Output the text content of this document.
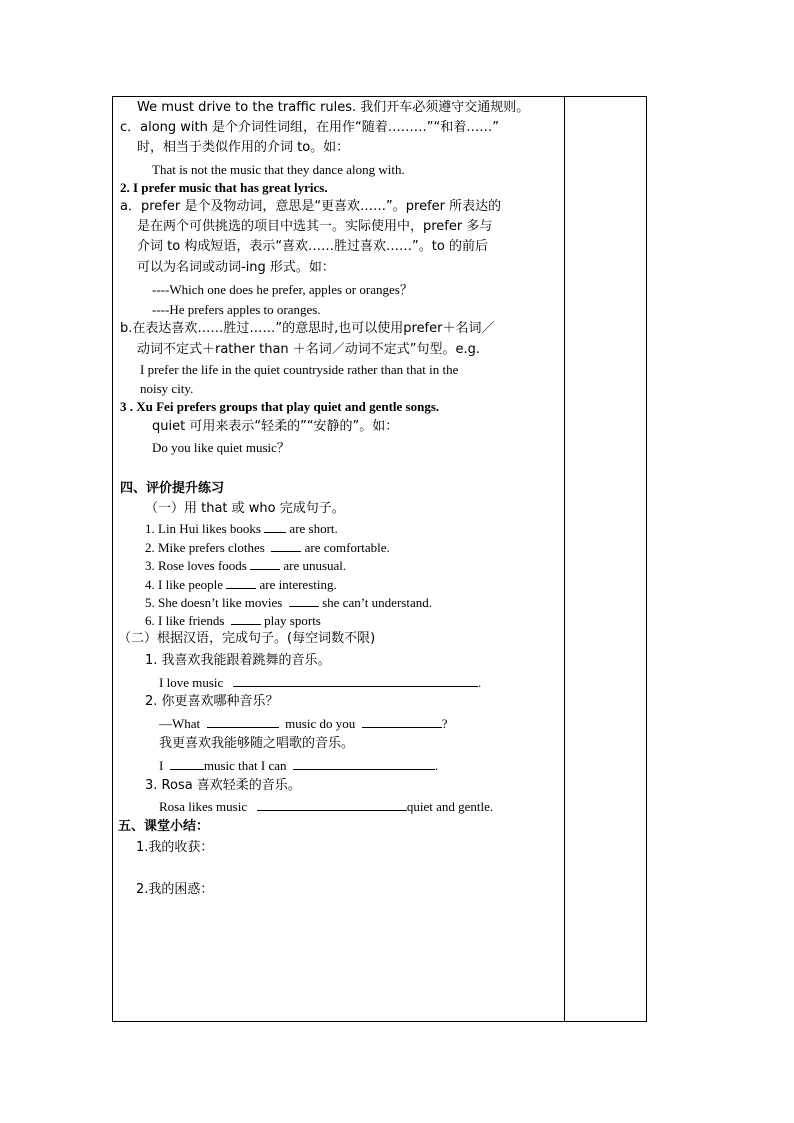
We must drive to the traffic rules. 我们开车必须遵守交通规则。
c．along with 是个介词性词组，在用作“随着………”“和着……”
时，相当于类似作用的介词 to。如：
That is not the music that they dance along with.
2. I prefer music that has great lyrics.
a．prefer 是个及物动词，意思是“更喜欢……”。prefer 所表达的
是在两个可供挑选的项目中选其一。实际使用中，prefer 多与
介词 to 构成短语，表示“喜欢……胜过喜欢……”。to 的前后
可以为名词或动词-ing 形式。如：
----Which one does he prefer, apples or oranges？
----He prefers apples to oranges.
b.在表达喜欢……胜过……”的意思时,也可以使用prefer＋名词／
动词不定式＋rather than ＋名词／动词不定式”句型。e.g.
I prefer the life in the quiet countryside rather than that in the
noisy city.
3 . Xu Fei prefers groups that play quiet and gentle songs.
quiet 可用来表示“轻柔的”“安静的”。如：
Do you like quiet music？
四、评价提升练习
（一）用 that 或 who 完成句子。
1. Lin Hui likes books are short.
2. Mike prefers clothes	are comfortable.
3. Rose loves foods	are unusual.
4. I like people	are interesting.
5. She doesn’t like movies	she can’t understand.
6. I like friends	play sports
（二）根据汉语，完成句子。(每空词数不限)
1. 我喜欢我能跟着跳舞的音乐。
I love music	.
2. 你更喜欢哪种音乐？
—What	music do you	?
我更喜欢我能够随之唱歌的音乐。
I	music that I can	.
3. Rosa 喜欢轻柔的音乐。
Rosa likes music	quiet and gentle.
五、课堂小结：
1.我的收获：
2.我的困惑：
